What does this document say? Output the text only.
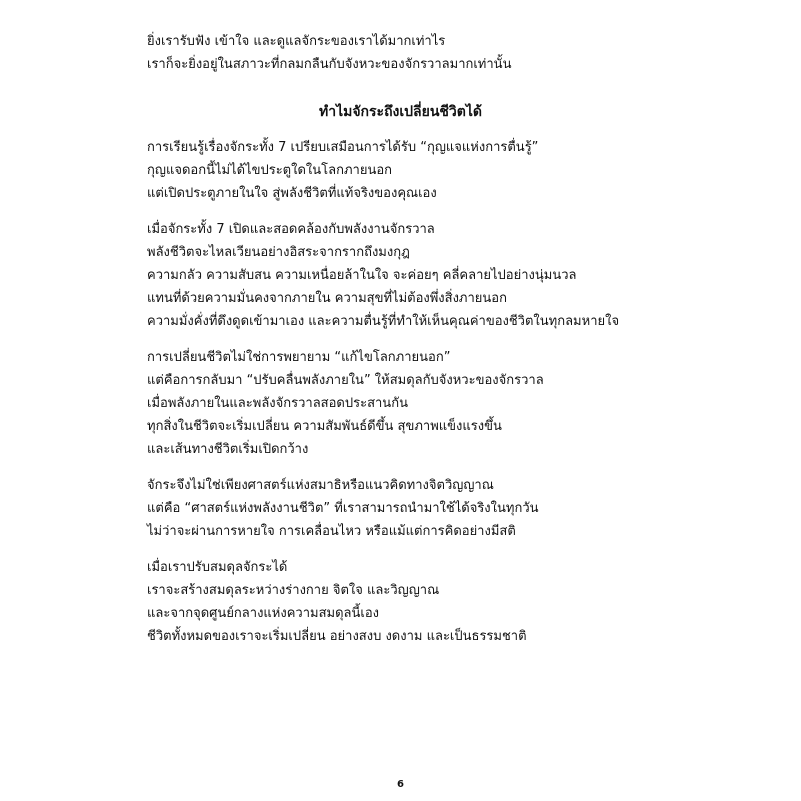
ยิ่งเรารับฟัง เข้าใจ และดูแลจักระของเราได้มากเท่าไร
เราก็จะยิ่งอยู่ในสภาวะที่กลมกลืนกับจังหวะของจักรวาลมากเท่านั้น
ทำไมจักระถึงเปลี่ยนชีวิตได้
การเรียนรู้เรื่องจักระทั้ง 7 เปรียบเสมือนการได้รับ “กุญแจแห่งการตื่นรู้”
กุญแจดอกนี้ไม่ได้ไขประตูใดในโลกภายนอก
แต่เปิดประตูภายในใจ สู่พลังชีวิตที่แท้จริงของคุณเอง
เมื่อจักระทั้ง 7 เปิดและสอดคล้องกับพลังงานจักรวาล
พลังชีวิตจะไหลเวียนอย่างอิสระจากรากถึงมงกุฎ
ความกลัว ความสับสน ความเหนื่อยล้าในใจ จะค่อยๆ คลี่คลายไปอย่างนุ่มนวล
แทนที่ด้วยความมั่นคงจากภายใน ความสุขที่ไม่ต้องพึ่งสิ่งภายนอก
ความมั่งคั่งที่ดึงดูดเข้ามาเอง และความตื่นรู้ที่ทำให้เห็นคุณค่าของชีวิตในทุกลมหายใจ
การเปลี่ยนชีวิตไม่ใช่การพยายาม “แก้ไขโลกภายนอก”
แต่คือการกลับมา “ปรับคลื่นพลังภายใน” ให้สมดุลกับจังหวะของจักรวาล
เมื่อพลังภายในและพลังจักรวาลสอดประสานกัน
ทุกสิ่งในชีวิตจะเริ่มเปลี่ยน ความสัมพันธ์ดีขึ้น สุขภาพแข็งแรงขึ้น
และเส้นทางชีวิตเริ่มเปิดกว้าง
จักระจึงไม่ใช่เพียงศาสตร์แห่งสมาธิหรือแนวคิดทางจิตวิญญาณ
แต่คือ “ศาสตร์แห่งพลังงานชีวิต” ที่เราสามารถนำมาใช้ได้จริงในทุกวัน
ไม่ว่าจะผ่านการหายใจ การเคลื่อนไหว หรือแม้แต่การคิดอย่างมีสติ
เมื่อเราปรับสมดุลจักระได้
เราจะสร้างสมดุลระหว่างร่างกาย จิตใจ และวิญญาณ
และจากจุดศูนย์กลางแห่งความสมดุลนี้เอง
ชีวิตทั้งหมดของเราจะเริ่มเปลี่ยน อย่างสงบ งดงาม และเป็นธรรมชาติ
6
